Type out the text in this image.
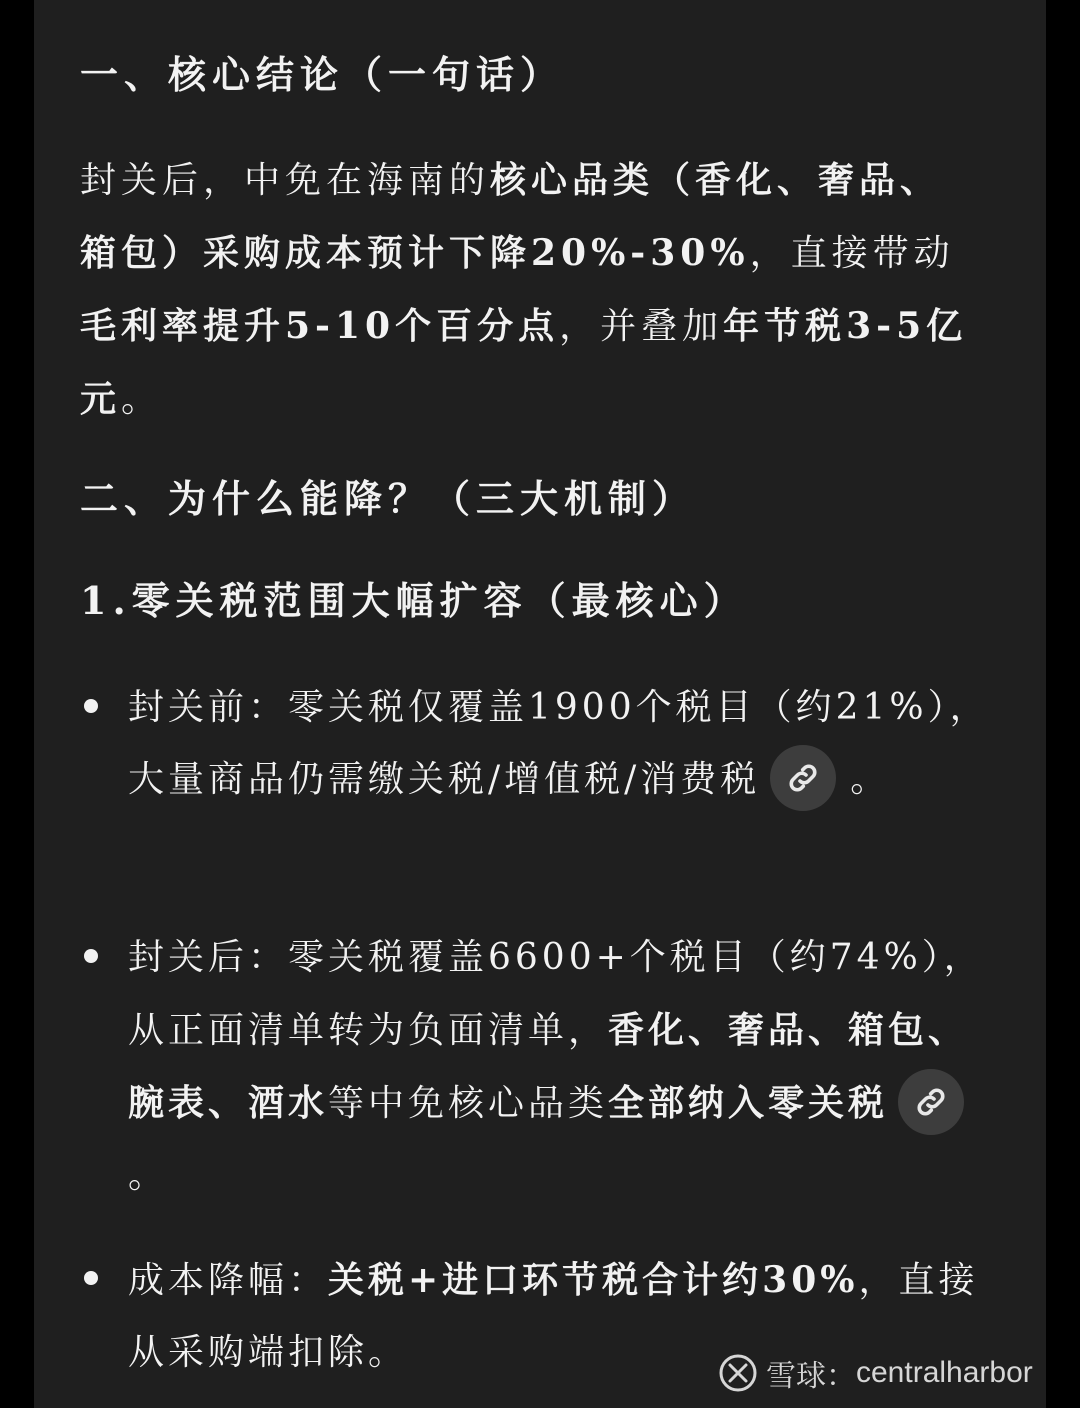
一、核心结论（一句话）
封关后，中免在海南的核心品类（香化、奢品、箱包）采购成本预计下降20%-30%，直接带动毛利率提升5-10个百分点，并叠加年节税3-5亿元。
二、为什么能降？（三大机制）
1.零关税范围大幅扩容（最核心）
封关前：零关税仅覆盖1900个税目（约21%），大量商品仍需缴关税/增值税/消费税	。
封关后：零关税覆盖6600+个税目（约74%），从正面清单转为负面清单，香化、奢品、箱包、腕表、酒水等中免核心品类全部纳入零关税
。
成本降幅：关税+进口环节税合计约30%，直接从采购端扣除。
雪球 ： centralharbor
